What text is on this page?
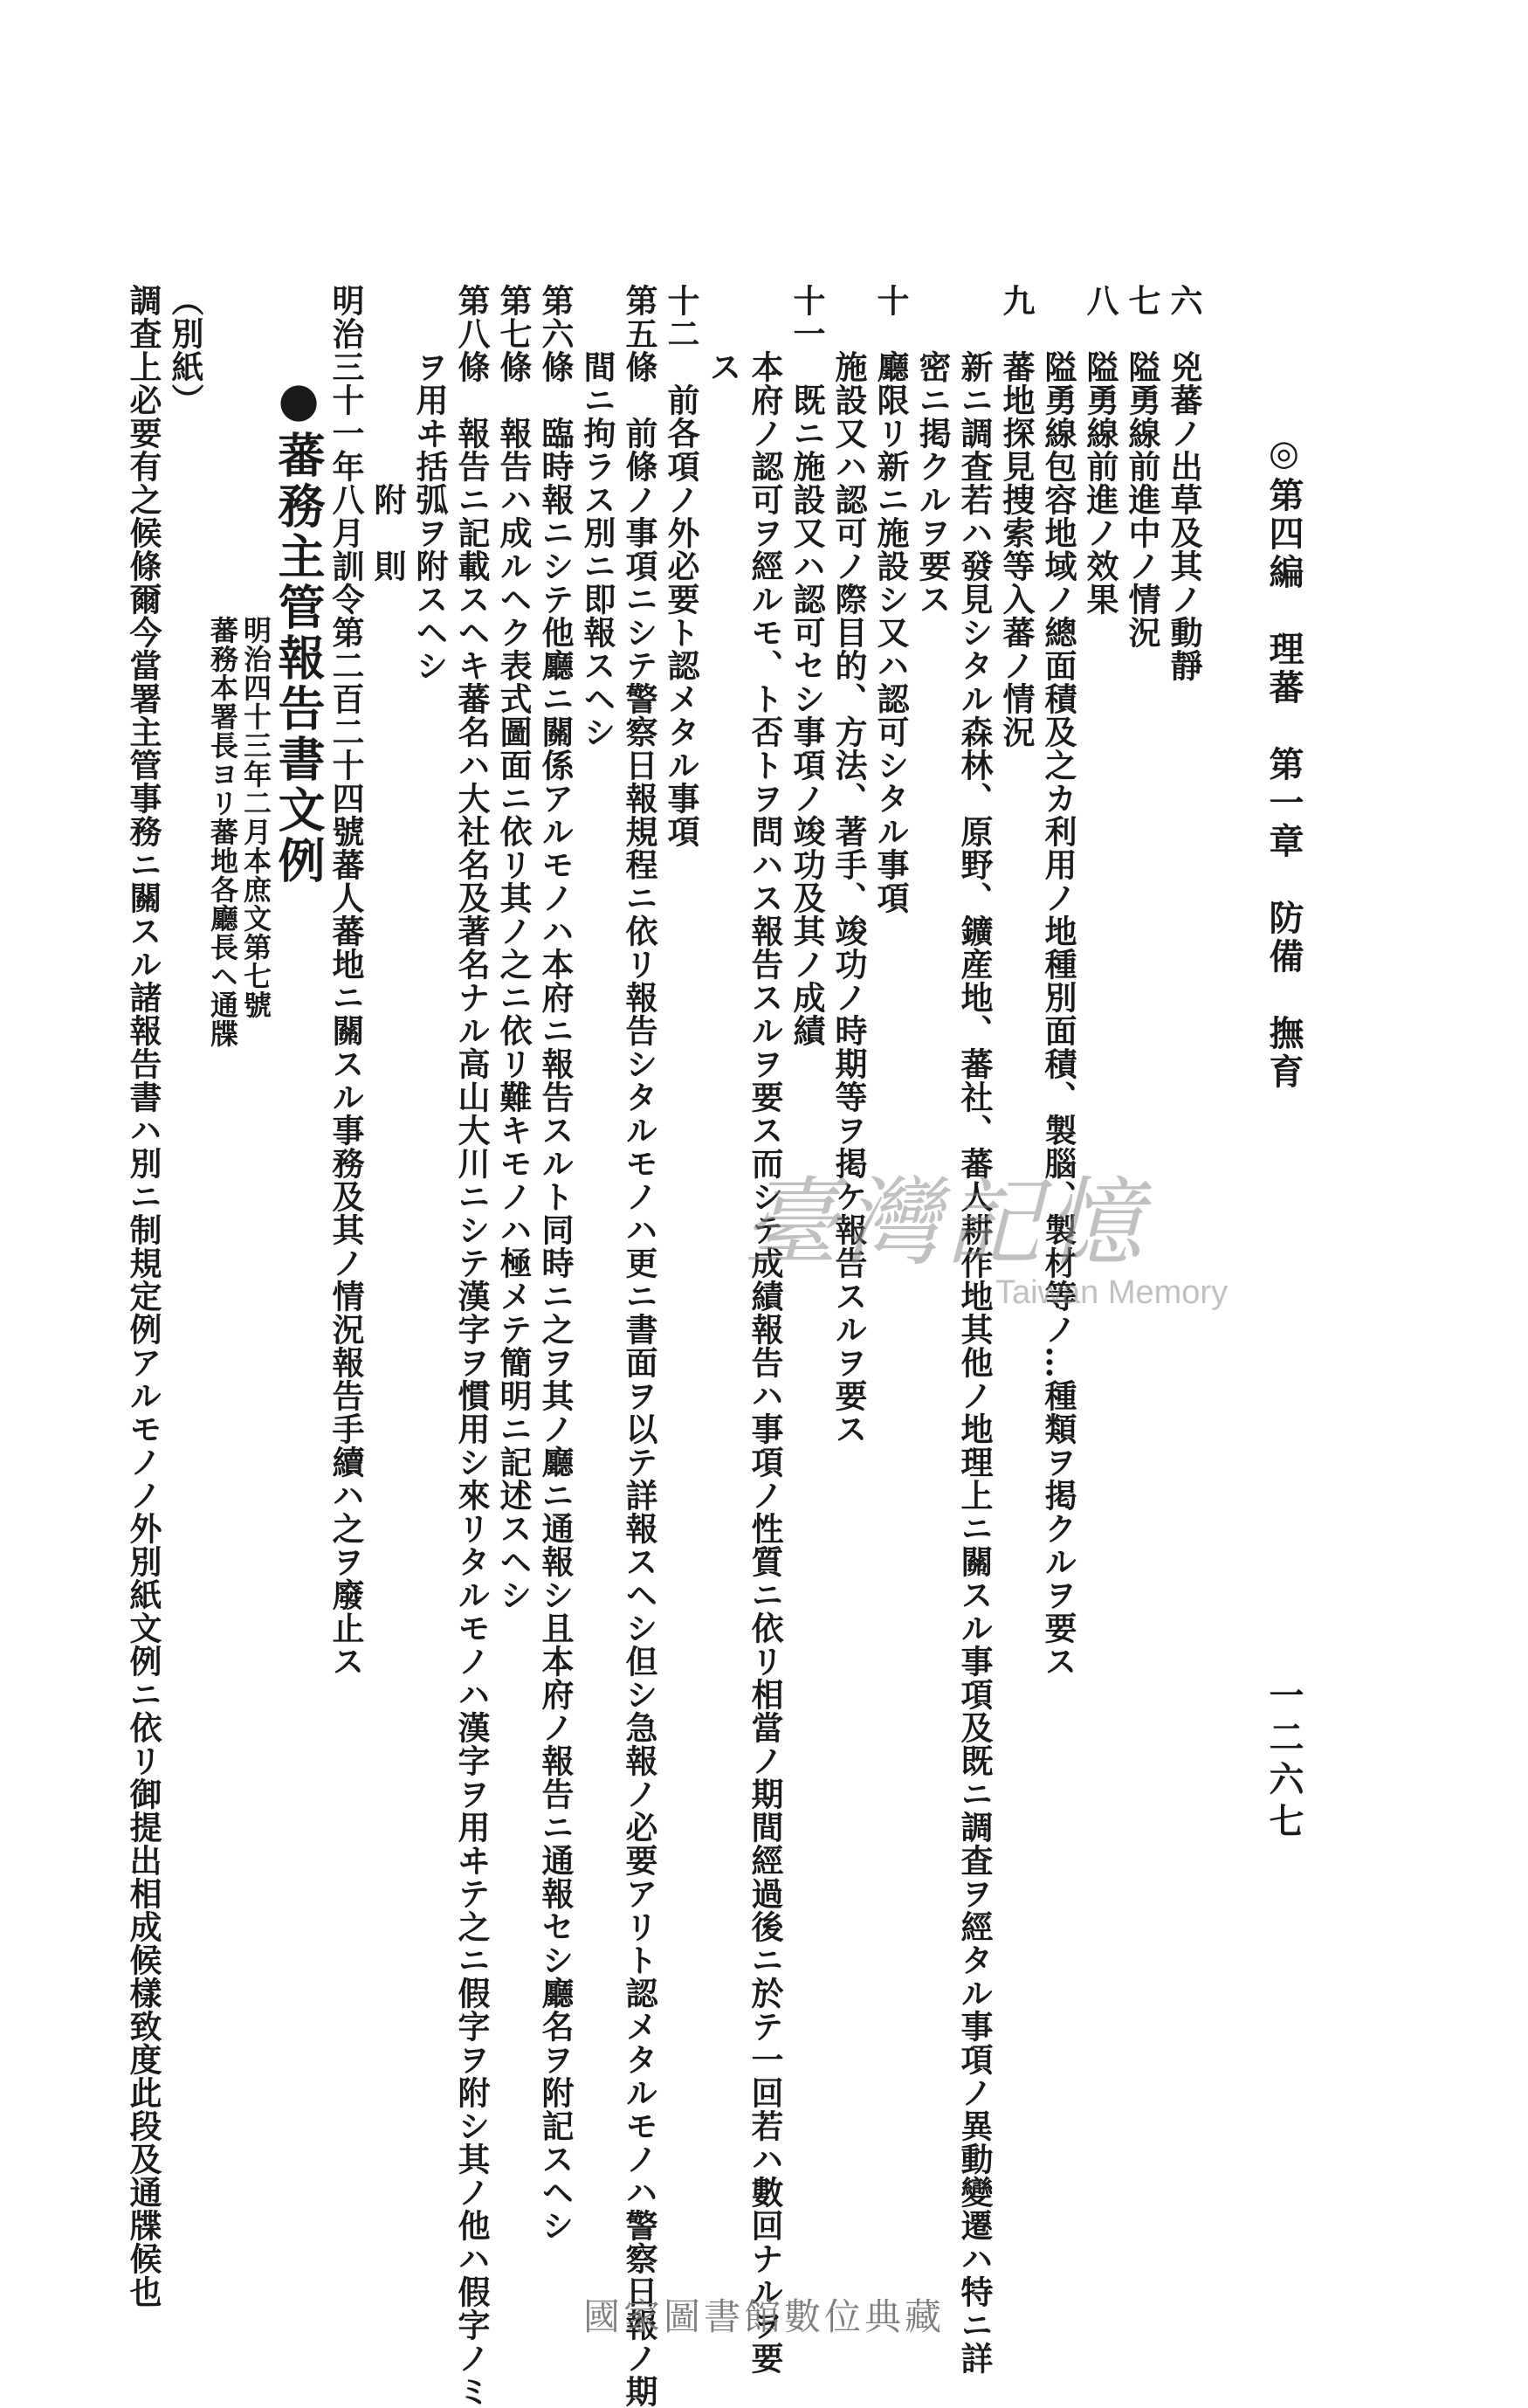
◎第四編　理蕃　第一章　防備　撫育
一二六七

六　兇蕃ノ出草及其ノ動靜

七　隘勇線前進中ノ情況

八　隘勇線前進ノ效果

　　隘勇線包容地域ノ總面積及之カ利用ノ地種別面積、製腦、製材等ノ…種類ヲ掲クルヲ要ス

九　蕃地探見捜索等入蕃ノ情況

　　新ニ調査若ハ發見シタル森林、原野、鑛産地、蕃社、蕃人耕作地其他ノ地理上ニ關スル事項及既ニ調査ヲ經タル事項ノ異動變遷ハ特ニ詳

　　密ニ掲クルヲ要ス

十　廳限リ新ニ施設シ又ハ認可シタル事項

　　施設又ハ認可ノ際目的、方法、著手、竣功ノ時期等ヲ掲ケ報告スルヲ要ス

十一　既ニ施設又ハ認可セシ事項ノ竣功及其ノ成績

　　本府ノ認可ヲ經ルモ、ト否トヲ問ハス報告スルヲ要ス而シテ成績報告ハ事項ノ性質ニ依リ相當ノ期間經過後ニ於テ一回若ハ數回ナルヲ要

　　ス

十二　前各項ノ外必要ト認メタル事項

第五條　前條ノ事項ニシテ警察日報規程ニ依リ報告シタルモノハ更ニ書面ヲ以テ詳報スヘシ但シ急報ノ必要アリト認メタルモノハ警察日報ノ期

　　間ニ拘ラス別ニ即報スヘシ

第六條　臨時報ニシテ他廳ニ關係アルモノハ本府ニ報告スルト同時ニ之ヲ其ノ廳ニ通報シ且本府ノ報告ニ通報セシ廳名ヲ附記スヘシ

第七條　報告ハ成ルヘク表式圖面ニ依リ其ノ之ニ依リ難キモノハ極メテ簡明ニ記述スヘシ

第八條　報告ニ記載スヘキ蕃名ハ大社名及著名ナル高山大川ニシテ漢字ヲ慣用シ來リタルモノハ漢字ヲ用ヰテ之ニ假字ヲ附シ其ノ他ハ假字ノミ

　　ヲ用ヰ括弧ヲ附スヘシ

　　　　　　附　則

明治三十一年八月訓令第二百二十四號蕃人蕃地ニ關スル事務及其ノ情況報告手續ハ之ヲ廢止ス

●蕃務主管報告書文例

明治四十三年二月本庶文第七號

蕃務本署長ヨリ蕃地各廳長ヘ通牒

（別紙）

調査上必要有之候條爾今當署主管事務ニ關スル諸報告書ハ別ニ制規定例アルモノノ外別紙文例ニ依リ御提出相成候樣致度此段及通牒候也	臺灣記憶
Taiwan Memory
國家圖書館數位典藏
